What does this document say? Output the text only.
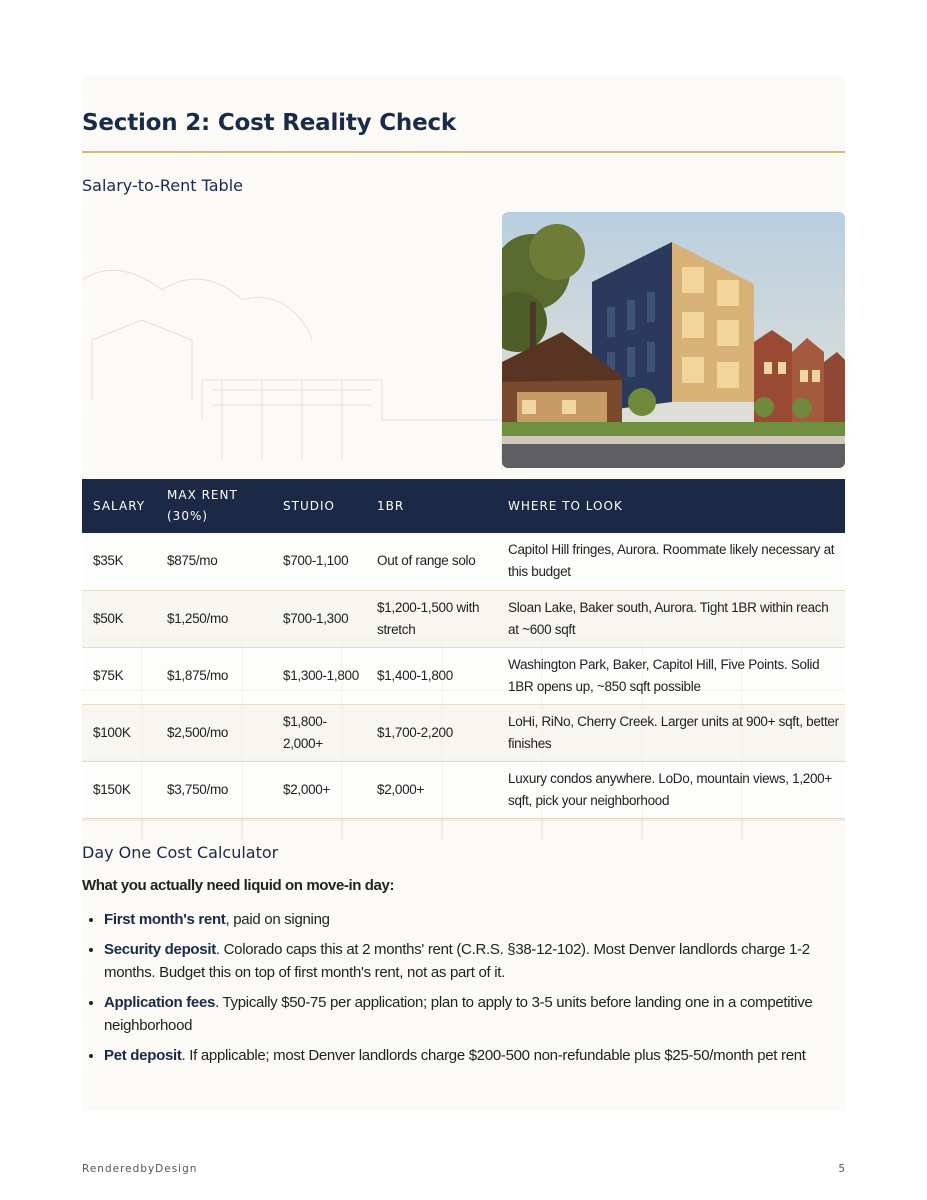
Section 2: Cost Reality Check
Salary-to-Rent Table
SALARY	MAX RENT (30%)	STUDIO	1BR	WHERE TO LOOK
$35K	$875/mo	$700-1,100	Out of range solo	Capitol Hill fringes, Aurora. Roommate likely necessary at this budget
$50K	$1,250/mo	$700-1,300	$1,200-1,500 with stretch	Sloan Lake, Baker south, Aurora. Tight 1BR within reach at ~600 sqft
$75K	$1,875/mo	$1,300-1,800	$1,400-1,800	Washington Park, Baker, Capitol Hill, Five Points. Solid 1BR opens up, ~850 sqft possible
$100K	$2,500/mo	$1,800-2,000+	$1,700-2,200	LoHi, RiNo, Cherry Creek. Larger units at 900+ sqft, better finishes
$150K	$3,750/mo	$2,000+	$2,000+	Luxury condos anywhere. LoDo, mountain views, 1,200+ sqft, pick your neighborhood
Day One Cost Calculator

What you actually need liquid on move-in day:

• First month's rent, paid on signing
• Security deposit. Colorado caps this at 2 months' rent (C.R.S. §38-12-102). Most Denver landlords charge 1-2 months. Budget this on top of first month's rent, not as part of it.
• Application fees. Typically $50-75 per application; plan to apply to 3-5 units before landing one in a competitive neighborhood
• Pet deposit. If applicable; most Denver landlords charge $200-500 non-refundable plus $25-50/month pet rent
RenderedbyDesign	5
